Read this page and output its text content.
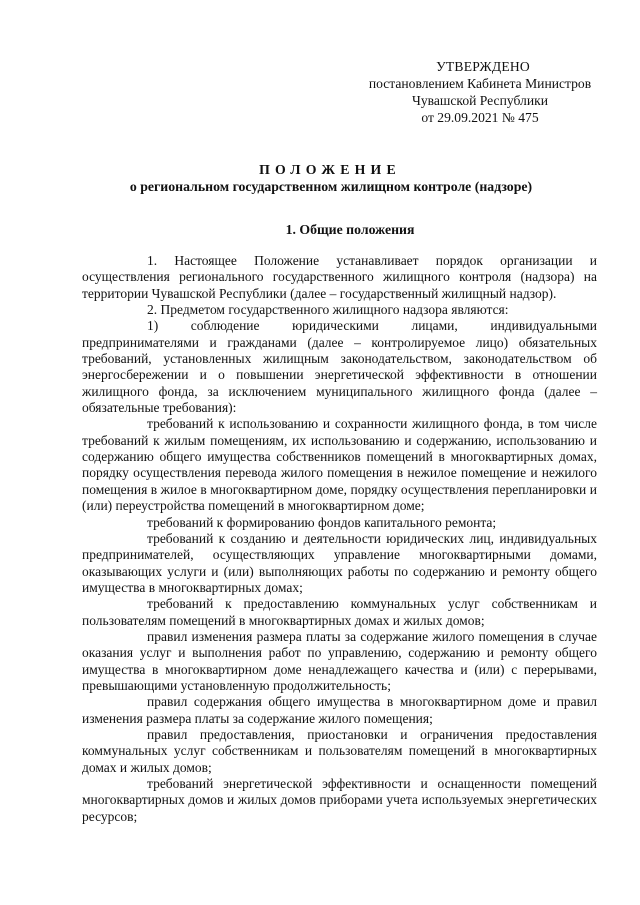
УТВЕРЖДЕНО
постановлением Кабинета Министров
Чувашской Республики
от 29.09.2021 № 475
ПОЛОЖЕНИЕ
о региональном государственном жилищном контроле (надзоре)
1. Общие положения

1. Настоящее Положение устанавливает порядок организации и осуществления регионального государственного жилищного контроля (надзора) на территории Чувашской Республики (далее – государственный жилищный надзор).

2. Предметом государственного жилищного надзора являются:

1) соблюдение юридическими лицами, индивидуальными предпринимателями и гражданами (далее – контролируемое лицо) обязательных требований, установленных жилищным законодательством, законодательством об энергосбережении и о повышении энергетической эффективности в отношении жилищного фонда, за исключением муниципального жилищного фонда (далее – обязательные требования):

требований к использованию и сохранности жилищного фонда, в том числе требований к жилым помещениям, их использованию и содержанию, использованию и содержанию общего имущества собственников помещений в многоквартирных домах, порядку осуществления перевода жилого помещения в нежилое помещение и нежилого помещения в жилое в многоквартирном доме, порядку осуществления перепланировки и (или) переустройства помещений в многоквартирном доме;

требований к формированию фондов капитального ремонта;

требований к созданию и деятельности юридических лиц, индивидуальных предпринимателей, осуществляющих управление многоквартирными домами, оказывающих услуги и (или) выполняющих работы по содержанию и ремонту общего имущества в многоквартирных домах;

требований к предоставлению коммунальных услуг собственникам и пользователям помещений в многоквартирных домах и жилых домов;

правил изменения размера платы за содержание жилого помещения в случае оказания услуг и выполнения работ по управлению, содержанию и ремонту общего имущества в многоквартирном доме ненадлежащего качества и (или) с перерывами, превышающими установленную продолжительность;

правил содержания общего имущества в многоквартирном доме и правил изменения размера платы за содержание жилого помещения;

правил предоставления, приостановки и ограничения предоставления коммунальных услуг собственникам и пользователям помещений в многоквартирных домах и жилых домов;

требований энергетической эффективности и оснащенности помещений многоквартирных домов и жилых домов приборами учета используемых энергетических ресурсов;
